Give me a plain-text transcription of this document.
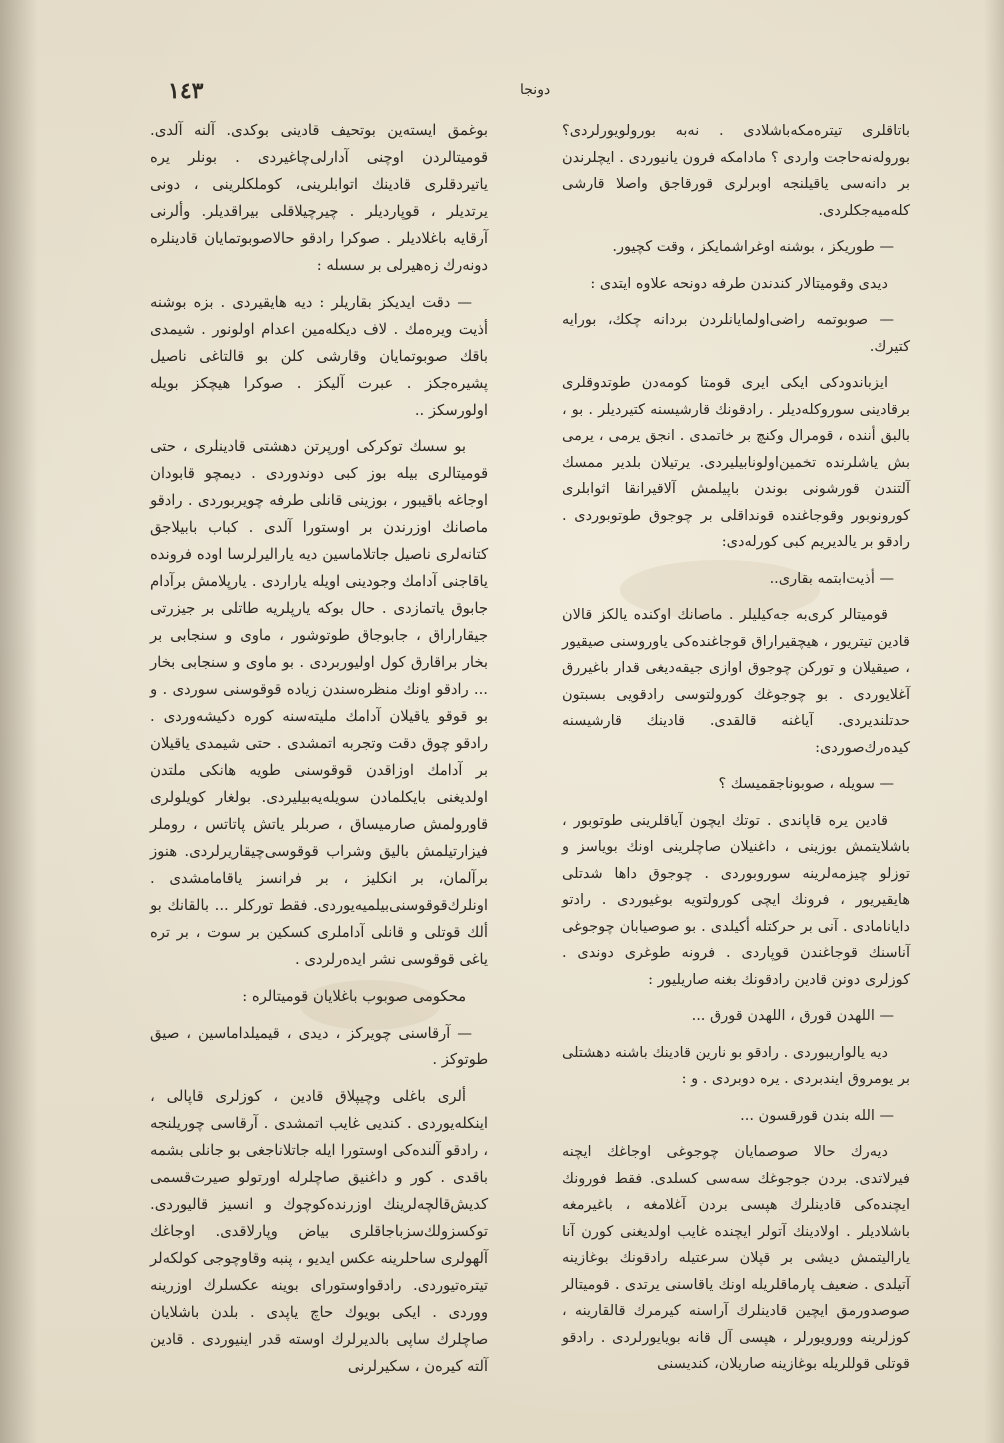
١٤٣	دونجا

بوغمق ايسته‌ين بوتحيف قادينى بوكدى. آلنه آلدى. قوميتالردن اوچنى آدارلى‌چاغيردى . بونلر يره ياتيردقلرى قادينك اتوابلرينى، كوملكلرينى ، دونى يرتديلر ، قوپارديلر . چيرچيلاقلى بيراقديلر. وألرنى آرقايه باغلاديلر . صوكرا رادقو حالاصوبوتمايان قادينلره دونه‌رك زه‌هيرلى بر سسله :

— دقت ايديكز بقاريلر : ديه هايقيردى . بزه بوشنه أذيت ويره‌مك . لاف ديكله‌مين اعدام اولونور . شيمدى باقك صوبوتمايان وقارشى كلن بو قالتاغى ناصيل پشيره‌جكز . عبرت آليكز . صوكرا هيچكز بويله اولورسكز ..

بو سسك توكركى اورپرتن دهشتى قادينلرى ، حتى قوميتالرى بيله بوز كبى دوندوردى . ديمچو قابودان اوجاغه باقيبور ، بوزينى قانلى طرفه چويربوردى . رادقو ماصانك اوزرندن بر اوستورا آلدى . كباب بابيلاجق كتانه‌لرى ناصيل جاتلاماسين ديه ياراليرلرسا اوده فرونده ياقاجنى آدامك وجودينى اويله ياراردى . يارپلامش برآدام جابوق ياتمازدى . حال بوكه يارپلريه طاتلى بر جيزرتى جيقاراراق ، جابوجاق طوتوشور ، ماوى و سنجابى بر بخار براقارق كول اوليوربردى . بو ماوى و سنجابى بخار ... رادقو اونك منظره‌سندن زياده قوقوسنى سوردى . و بو قوقو ياقيلان آدامك مليته‌سنه كوره دكيشه‌وردى . رادقو چوق دقت وتجربه اتمشدى . حتى شيمدى ياقيلان بر آدامك اوزاقدن قوقوسنى طويه هانكى ملتدن اولديغنى بايكلمادن سويله‌يه‌بيليردى. بولغار كويلولرى قاورولمش صارميساق ، صربلر ياتش پاتاتس ، روملر فيزارتيلمش باليق وشراب قوقوسى‌چيقاريرلردى. هنوز برآلمان، بر انكليز ، بر فرانسز ياقامامشدى . اونلرك‌قوقوسنى‌بيلميه‌يوردى. فقط توركلر ... بالقانك بو ألك قوتلى و قانلى آداملرى كسكين بر سوت ، بر تره ياغى قوقوسى نشر ايده‌رلردى .

محكومى صوبوب باغلايان قوميتالره :

— آرقاسنى چويركز ، ديدى ، قيميلداماسين ، صيق طوتوكز .

ألرى باغلى وچيپلاق قادين ، كوزلرى قاپالى ، اينكله‌يوردى . كنديى غايب اتمشدى . آرقاسى چوريلنجه ، رادقو آلنده‌كى اوستورا ايله جاتلاناجغى بو جانلى بشمه باقدى . كور و داغنيق صاچلرله اورتولو صيرت‌قسمى كديش‌قالچه‌لرينك اوزرنده‌كوچوك و انسيز قاليوردى. توكسزولك‌سزباجاقلرى بياض وپارلاقدى. اوجاغك آلهولرى ساحلرينه عكس ايديو ، پنبه وقاوچوجى كولكه‌لر تيتره‌تيوردى. رادقواوستوراى بوينه عكسلرك اوزرينه ووردى . ايكى بويوك حاچ ياپدى . بلدن باشلايان صاچلرك ساپى بالديرلرك اوسته قدر اينيوردى . قادين آلته كيره‌ن ، سكيرلرنى

باتاقلرى تيتره‌مكه‌باشلادى . نه‌به بورولويورلردى؟ بوروله‌نه‌حاجت واردى ؟ مادامكه فرون يانيوردى . ايچلرندن بر دانه‌سى ياقيلنجه اوبرلرى قورقاجق واصلا قارشى كله‌ميه‌جكلردى.

— طوريكز ، بوشنه اوغراشمايكز ، وقت كچيور.

ديدى وقوميتالار كندندن طرفه دونحه علاوه ايتدى :

— صوبوتمه راضى‌اولمايانلردن بردانه چكك، بورايه كتيرك.

ايزباندودكى ايكى ايرى قومتا كومه‌دن طوتدوقلرى برقادينى سوروكله‌ديلر . رادقونك قارشيسنه كتيرديلر . بو ، بالبق أننده ، قومرال وكنچ بر خاتمدى . انجق يرمى ، يرمى بش ياشلرنده تخمين‌اولونابيليردى. يرتيلان بلدير ممسك آلتندن قورشونى بوندن باپيلمش آلاقيرانقا اثوابلرى كورونوبور وقوجاغنده قونداقلى بر چوجوق طوتوبوردى . رادقو بر يالديريم كبى كورله‌دى:

— أذيت‌ابتمه بقارى..

قوميتالر كرى‌به جه‌كيليلر . ماصانك اوكنده يالكز قالان قادين تيتريور ، هيچقيراراق قوجاغنده‌كى ياوروسنى صيقيور ، صيقيلان و توركن چوجوق اوازى جيقه‌ديغى قدار باغيررق آغلايوردى . بو چوجوغك كورولتوسى رادقويى بسبتون حدتلنديردى. آياغنه قالقدى. قادينك قارشيسنه كيده‌رك‌صوردى:

— سويله ، صوبوناجقميسك ؟

قادين يره قاپاندى . توتك ايچون آياقلرينى طوتوبور ، باشلايتمش بوزينى ، داغنيلان صاچلرينى اونك بوياسز و توزلو چيزمه‌لرينه سوروبوردى . چوجوق داها شدتلى هايقيريور ، فرونك ايچى كورولتويه بوغيوردى . رادتو دايانامادى . آنى بر حركتله أكيلدى . بو صوصيابان چوجوغى آناسنك قوجاغندن قوپاردى . فرونه طوغرى دوندى . كوزلرى دونن قادين رادقونك بغنه صاريليور :

— اللهدن قورق ، اللهدن قورق ...

ديه يالواريبوردى . رادقو بو نارين قادينك باشنه دهشتلى بر يومروق ايندبردى . يره دوبردى . و :

— الله بندن قورقسون ...

ديه‌رك حالا صوصمايان چوجوغى اوجاغك ايچنه فيرلاتدى. بردن جوجوغك سه‌سى كسلدى. فقط فورونك ايچنده‌كى قادينلرك هپسى بردن آغلامغه ، باغيرمغه باشلاديلر . اولادينك آتولر ايچنده غايب اولديغنى كورن آنا ياراليتمش ديشى بر قپلان سرعتيله رادقونك بوغازينه آتيلدى . ضعيف پارماقلريله اونك ياقاسنى يرتدى . قوميتالر صوصدورمق ايچين قادينلرك آراسنه كيرمرك قالقارينه ، كوزلرينه وورويورلر ، هپسى آل قانه بويايورلردى . رادقو قوتلى قوللريله بوغازينه صاريلان، كنديسنى
